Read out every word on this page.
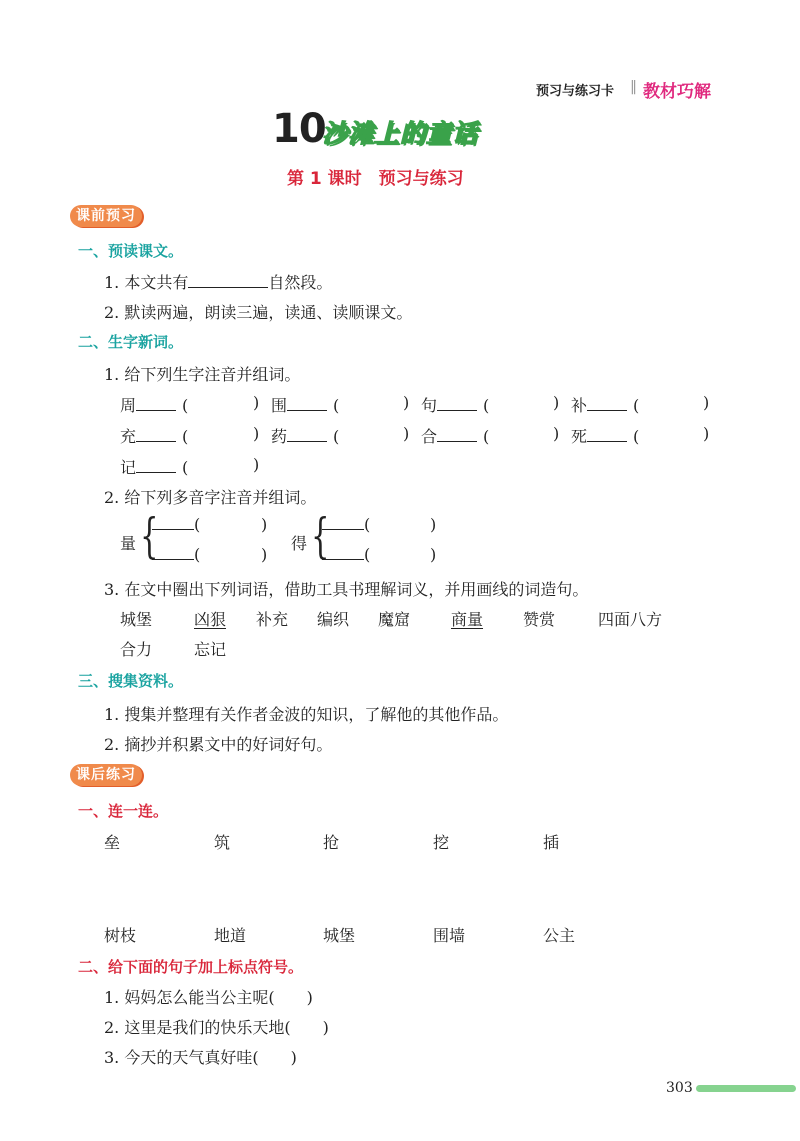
预习与练习卡 ‖ 教材巧解
10
沙滩上的童话
第 1 课时　预习与练习
课前预习
一、预读课文。
1. 本文共有	自然段。
2. 默读两遍，朗读三遍，读通、读顺课文。
二、生字新词。
1. 给下列生字注音并组词。
周	(	) 围	(	) 句	(	) 补	(	)
充	(	) 药	(	) 合	(	) 死	(	)
记	(	)
2. 给下列多音字注音并组词。
量 {	(	)
(	)
得 {	(	)
(	)
3. 在文中圈出下列词语，借助工具书理解词义，并用画线的词造句。
城堡	凶狠 补充 编织 魔窟	商量 赞赏	四面八方
合力	忘记
三、搜集资料。
1. 搜集并整理有关作者金波的知识，了解他的其他作品。
2. 摘抄并积累文中的好词好句。
课后练习
一、连一连。
垒	筑	抢	挖	插
树枝	地道	城堡	围墙	公主
二、给下面的句子加上标点符号。
1. 妈妈怎么能当公主呢( )
2. 这里是我们的快乐天地( )
3. 今天的天气真好哇( )
303
